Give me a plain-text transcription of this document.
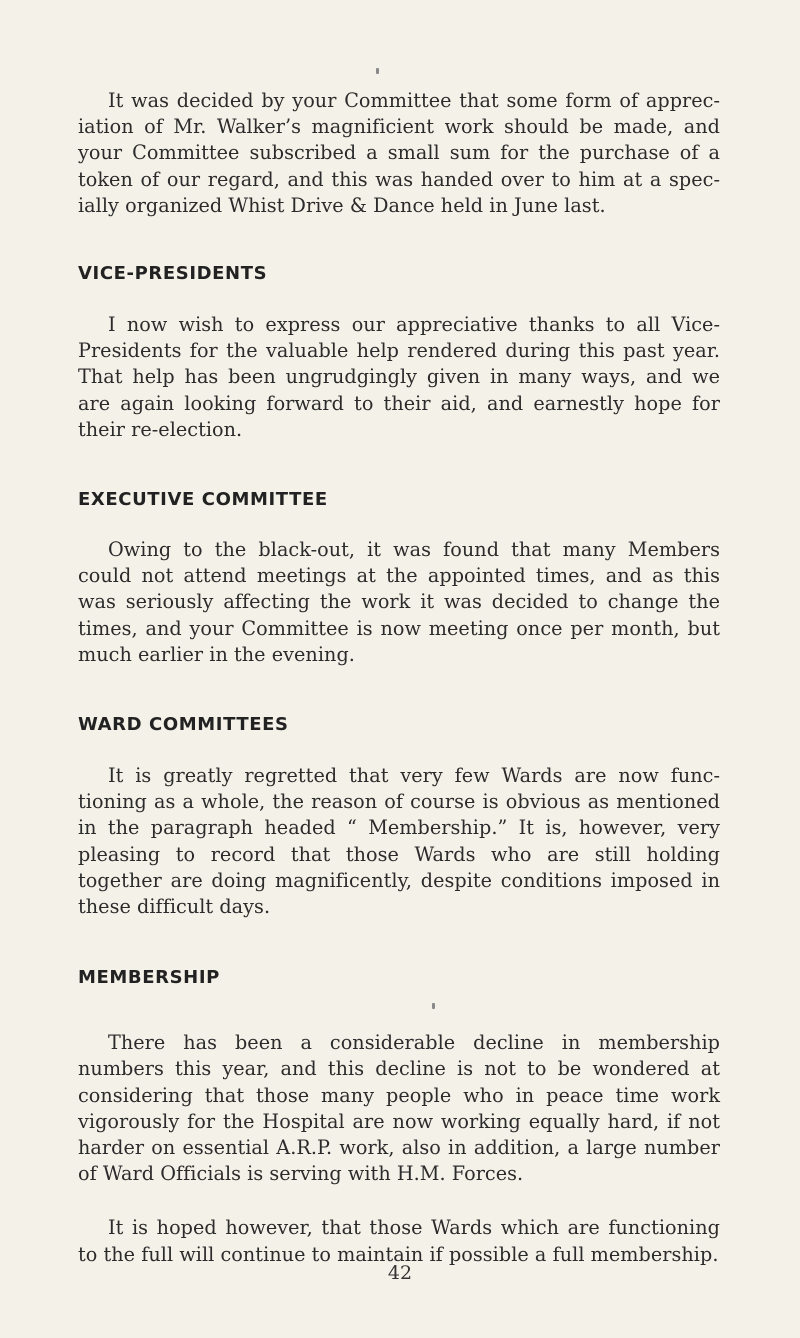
It was decided by your Committee that some form of apprec-iation of Mr. Walker’s magnificient work should be made, and your Committee subscribed a small sum for the purchase of a token of our regard, and this was handed over to him at a spec-ially organized Whist Drive & Dance held in June last.

VICE-PRESIDENTS

I now wish to express our appreciative thanks to all Vice-Presidents for the valuable help rendered during this past year. That help has been ungrudgingly given in many ways, and we are again looking forward to their aid, and earnestly hope for their re-election.

EXECUTIVE COMMITTEE

Owing to the black-out, it was found that many Members could not attend meetings at the appointed times, and as this was seriously affecting the work it was decided to change the times, and your Committee is now meeting once per month, but much earlier in the evening.

WARD COMMITTEES

It is greatly regretted that very few Wards are now func-tioning as a whole, the reason of course is obvious as mentioned in the paragraph headed “ Membership.” It is, however, very pleasing to record that those Wards who are still holding together are doing magnificently, despite conditions imposed in these difficult days.

MEMBERSHIP

There has been a considerable decline in membership numbers this year, and this decline is not to be wondered at considering that those many people who in peace time work vigorously for the Hospital are now working equally hard, if not harder on essential A.R.P. work, also in addition, a large number of Ward Officials is serving with H.M. Forces.

It is hoped however, that those Wards which are functioning to the full will continue to maintain if possible a full membership.

42
